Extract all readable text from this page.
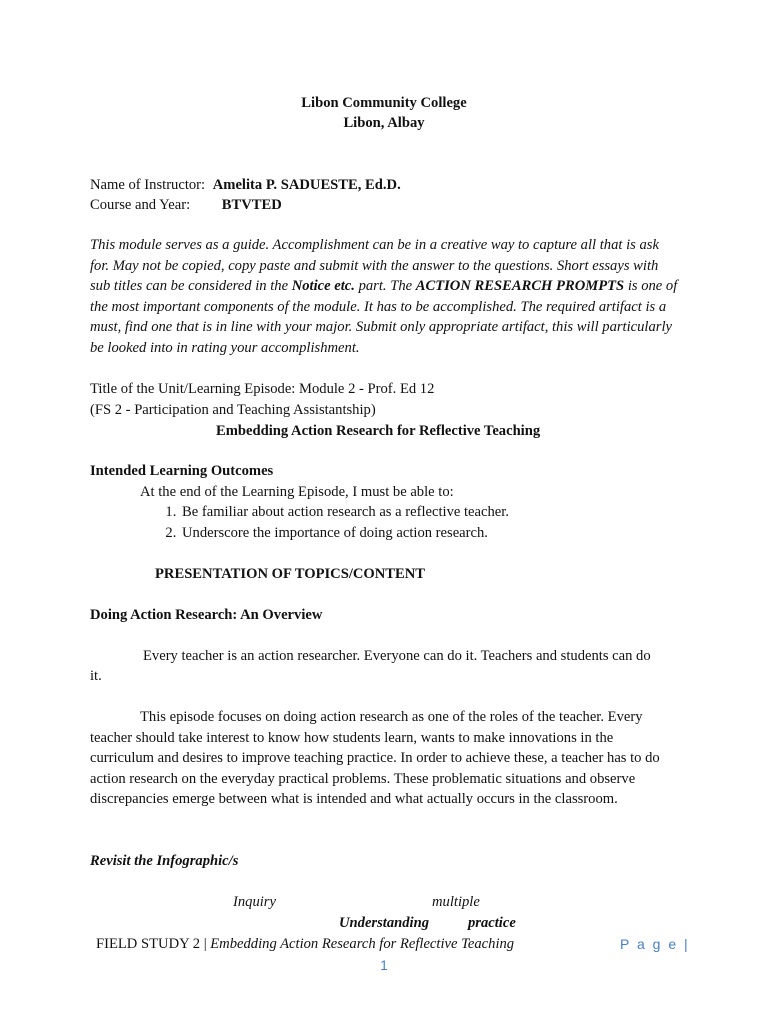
Libon Community College
Libon, Albay
Name of Instructor: Amelita P. SADUESTE, Ed.D.
Course and Year: BTVTED
This module serves as a guide. Accomplishment can be in a creative way to capture all that is ask for. May not be copied, copy paste and submit with the answer to the questions. Short essays with sub titles can be considered in the Notice etc. part. The ACTION RESEARCH PROMPTS is one of the most important components of the module. It has to be accomplished. The required artifact is a must, find one that is in line with your major. Submit only appropriate artifact, this will particularly be looked into in rating your accomplishment.
Title of the Unit/Learning Episode: Module 2 - Prof. Ed 12
(FS 2 - Participation and Teaching Assistantship)
Embedding Action Research for Reflective Teaching
Intended Learning Outcomes
At the end of the Learning Episode, I must be able to:
1. Be familiar about action research as a reflective teacher.
2. Underscore the importance of doing action research.
PRESENTATION OF TOPICS/CONTENT
Doing Action Research: An Overview
Every teacher is an action researcher. Everyone can do it. Teachers and students can do
it.
This episode focuses on doing action research as one of the roles of the teacher. Every teacher should take interest to know how students learn, wants to make innovations in the curriculum and desires to improve teaching practice. In order to achieve these, a teacher has to do action research on the everyday practical problems. These problematic situations and observe discrepancies emerge between what is intended and what actually occurs in the classroom.
Revisit the Infographic/s
Inquiry	multiple
Understanding	practice
FIELD STUDY 2 | Embedding Action Research for Reflective Teaching	P a g e |
1
